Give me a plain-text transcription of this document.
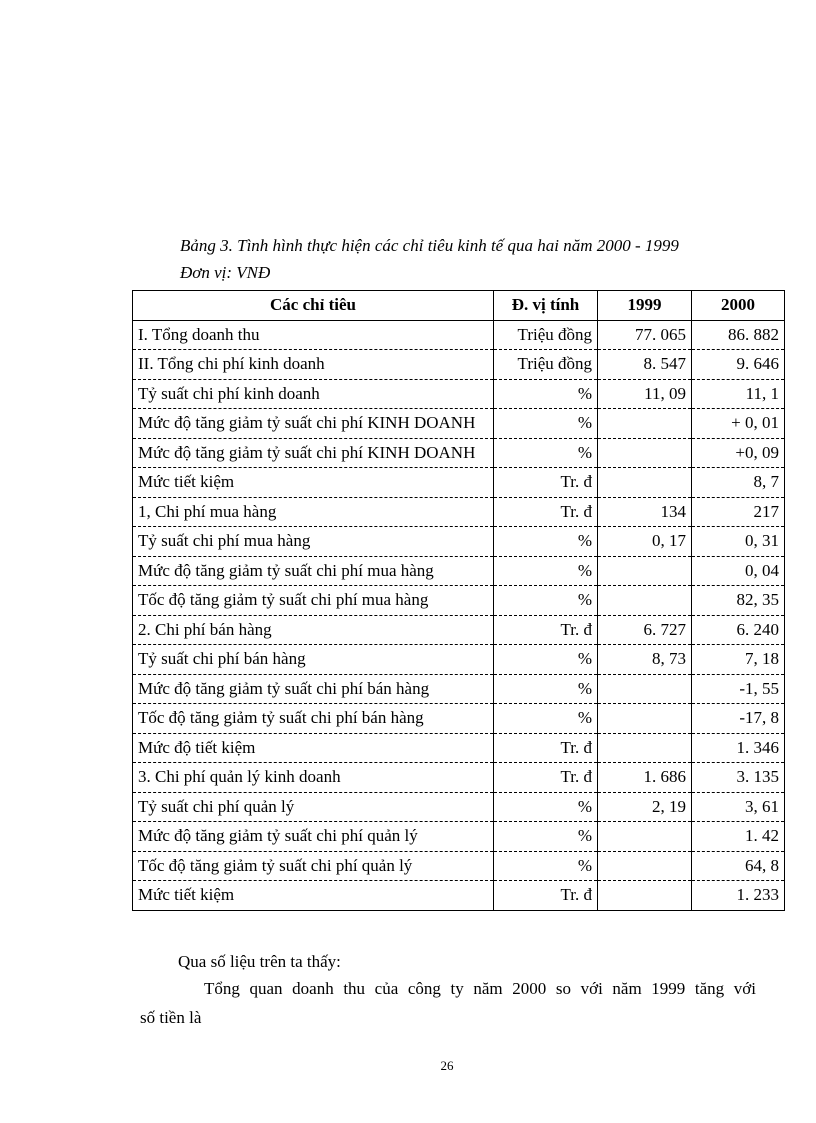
Bảng 3. Tình hình thực hiện các chỉ tiêu kinh tế qua hai năm 2000 - 1999
Đơn vị: VNĐ
Các chỉ tiêu	Đ. vị tính	1999	2000
I. Tổng doanh thu	Triệu đồng	77. 065	86. 882
II. Tổng chi phí kinh doanh	Triệu đồng	8. 547	9. 646
Tỷ suất chi phí kinh doanh	%	11, 09	11, 1
Mức độ tăng giảm tỷ suất chi phí KINH DOANH	%		+ 0, 01
Mức độ tăng giảm tỷ suất chi phí KINH DOANH	%		+0, 09
Mức tiết kiệm	Tr. đ		8, 7
1, Chi phí mua hàng	Tr. đ	134	217
Tỷ suất chi phí mua hàng	%	0, 17	0, 31
Mức độ tăng giảm tỷ suất chi phí mua hàng	%		0, 04
Tốc độ tăng giảm tỷ suất chi phí mua hàng	%		82, 35
2. Chi phí bán hàng	Tr. đ	6. 727	6. 240
Tỷ suất chi phí bán hàng	%	8, 73	7, 18
Mức độ tăng giảm tỷ suất chi phí bán hàng	%		-1, 55
Tốc độ tăng giảm tỷ suất chi phí bán hàng	%		-17, 8
Mức độ tiết kiệm	Tr. đ		1. 346
3. Chi phí quản lý kinh doanh	Tr. đ	1. 686	3. 135
Tỷ suất chi phí quản lý	%	2, 19	3, 61
Mức độ tăng giảm tỷ suất chi phí quản lý	%		1. 42
Tốc độ tăng giảm tỷ suất chi phí quản lý	%		64, 8
Mức tiết kiệm	Tr. đ		1. 233
Qua số liệu trên ta thấy:
Tổng quan doanh thu của công ty năm 2000 so với năm 1999 tăng với
số tiền là
26
